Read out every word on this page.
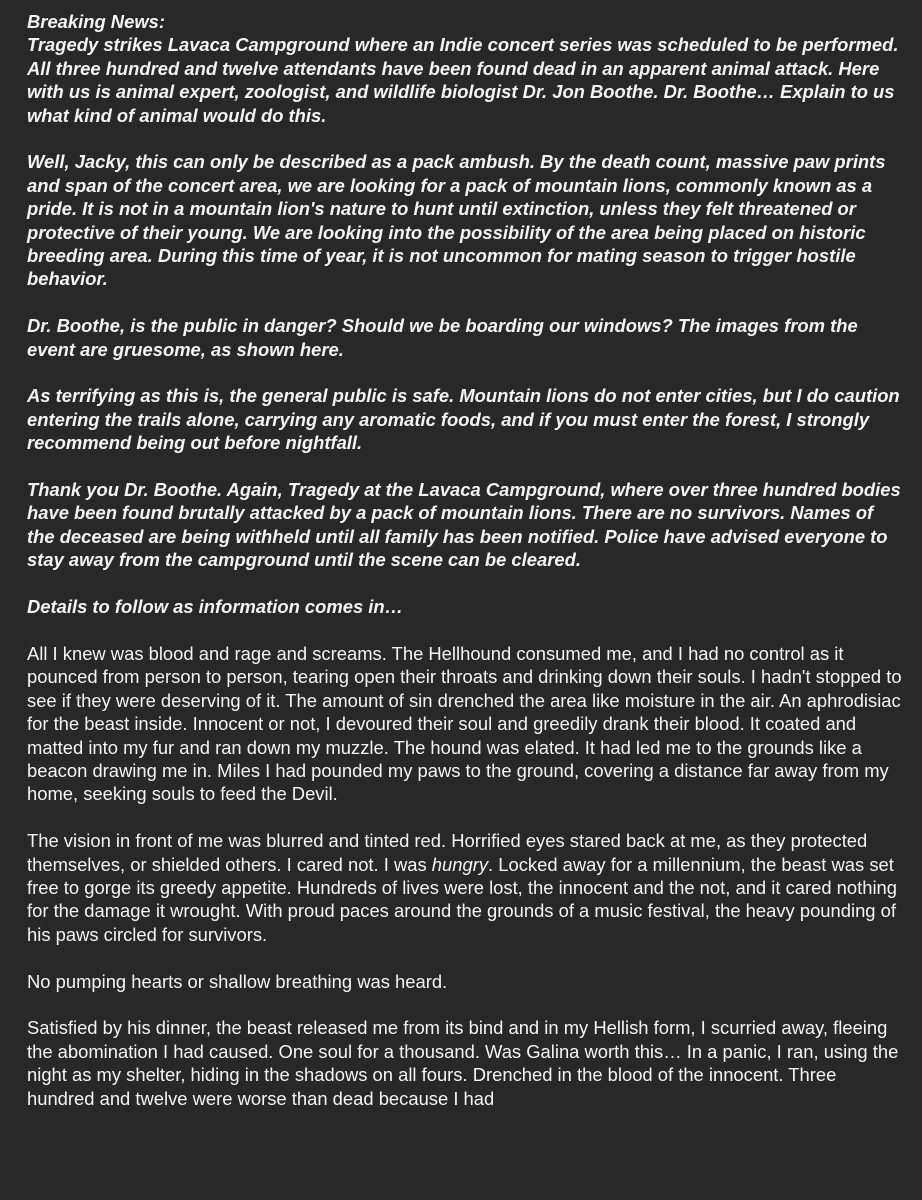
Breaking News:

Tragedy strikes Lavaca Campground where an Indie concert series was scheduled to be performed. All three hundred and twelve attendants have been found dead in an apparent animal attack. Here with us is animal expert, zoologist, and wildlife biologist Dr. Jon Boothe. Dr. Boothe… Explain to us what kind of animal would do this.

Well, Jacky, this can only be described as a pack ambush. By the death count, massive paw prints and span of the concert area, we are looking for a pack of mountain lions, commonly known as a pride. It is not in a mountain lion's nature to hunt until extinction, unless they felt threatened or protective of their young. We are looking into the possibility of the area being placed on historic breeding area. During this time of year, it is not uncommon for mating season to trigger hostile behavior.

Dr. Boothe, is the public in danger? Should we be boarding our windows? The images from the event are gruesome, as shown here.

As terrifying as this is, the general public is safe. Mountain lions do not enter cities, but I do caution entering the trails alone, carrying any aromatic foods, and if you must enter the forest, I strongly recommend being out before nightfall.

Thank you Dr. Boothe. Again, Tragedy at the Lavaca Campground, where over three hundred bodies have been found brutally attacked by a pack of mountain lions. There are no survivors. Names of the deceased are being withheld until all family has been notified. Police have advised everyone to stay away from the campground until the scene can be cleared.

Details to follow as information comes in…

All I knew was blood and rage and screams. The Hellhound consumed me, and I had no control as it pounced from person to person, tearing open their throats and drinking down their souls. I hadn't stopped to see if they were deserving of it. The amount of sin drenched the area like moisture in the air. An aphrodisiac for the beast inside. Innocent or not, I devoured their soul and greedily drank their blood. It coated and matted into my fur and ran down my muzzle. The hound was elated. It had led me to the grounds like a beacon drawing me in. Miles I had pounded my paws to the ground, covering a distance far away from my home, seeking souls to feed the Devil.

The vision in front of me was blurred and tinted red. Horrified eyes stared back at me, as they protected themselves, or shielded others. I cared not. I was hungry. Locked away for a millennium, the beast was set free to gorge its greedy appetite. Hundreds of lives were lost, the innocent and the not, and it cared nothing for the damage it wrought. With proud paces around the grounds of a music festival, the heavy pounding of his paws circled for survivors.

No pumping hearts or shallow breathing was heard.

Satisfied by his dinner, the beast released me from its bind and in my Hellish form, I scurried away, fleeing the abomination I had caused. One soul for a thousand. Was Galina worth this… In a panic, I ran, using the night as my shelter, hiding in the shadows on all fours. Drenched in the blood of the innocent. Three hundred and twelve were worse than dead because I had
